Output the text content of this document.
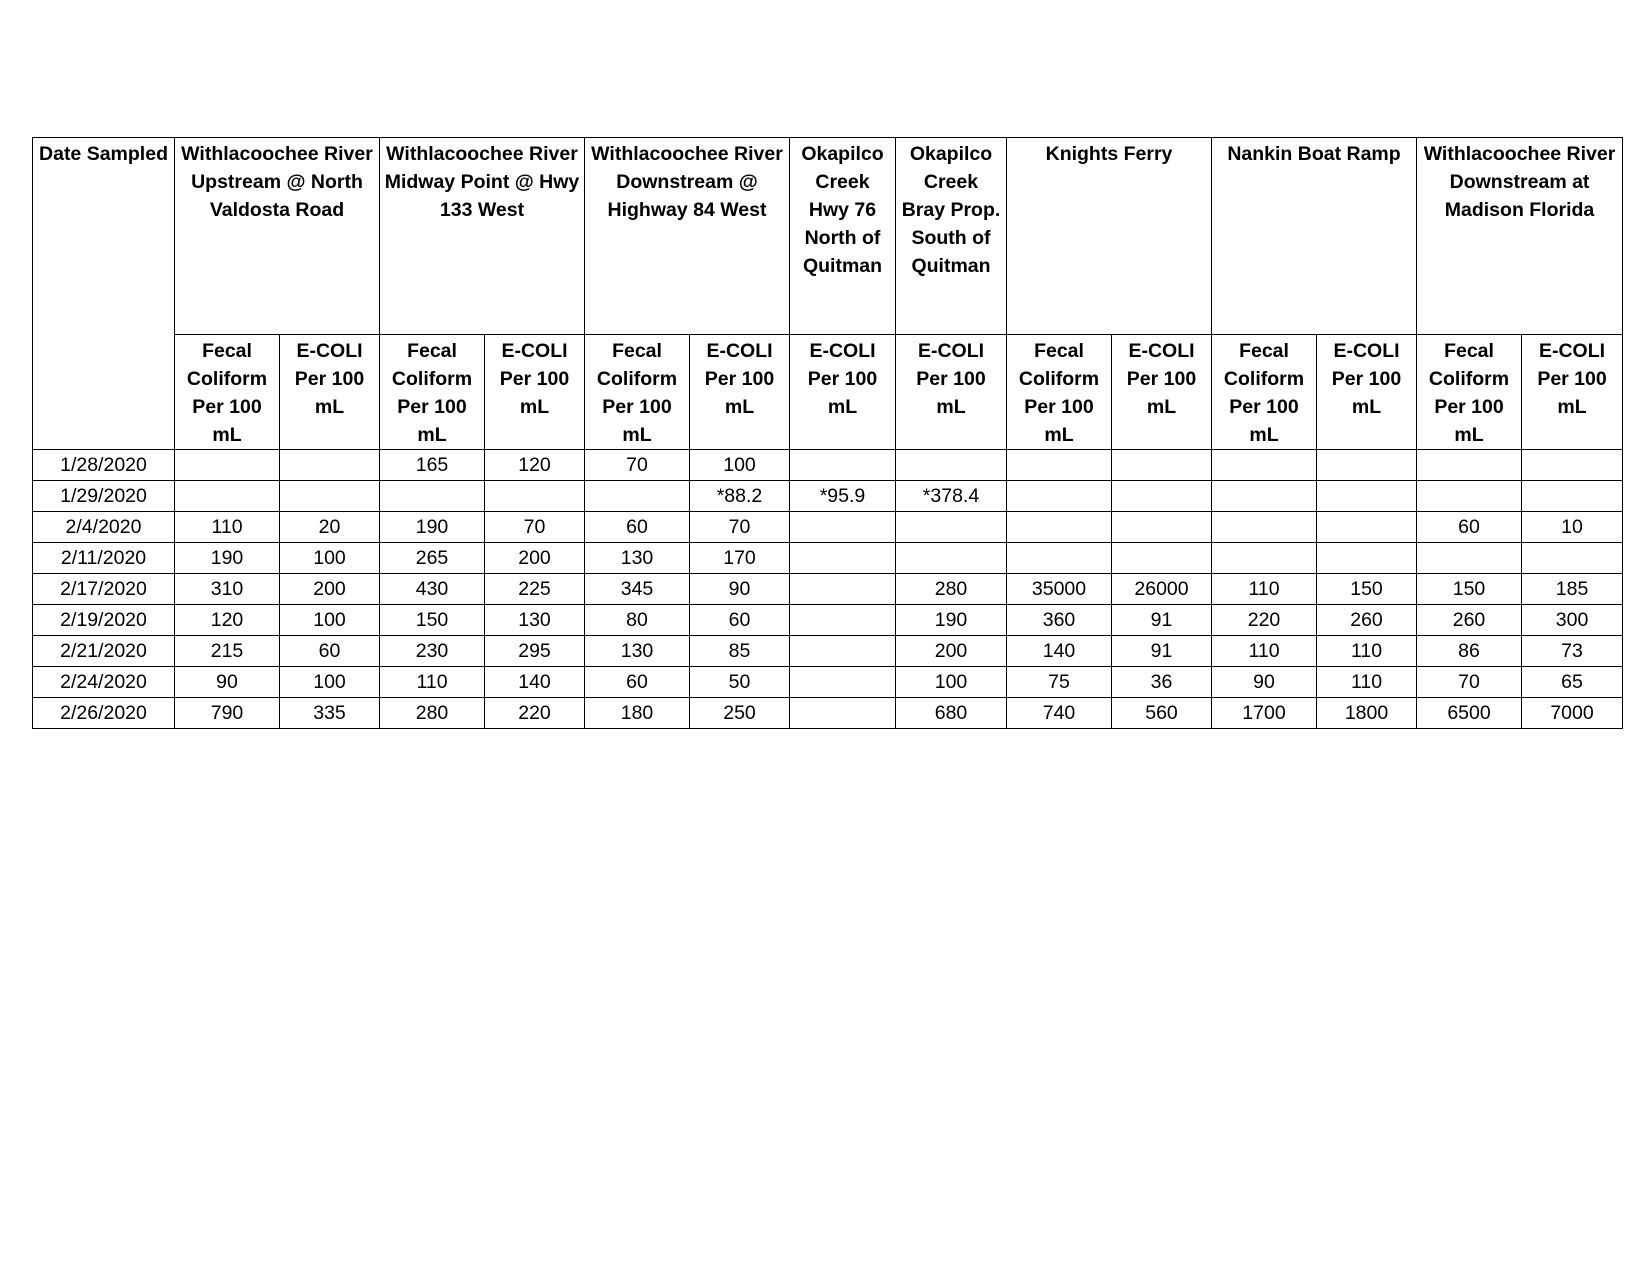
Date Sampled	Withlacoochee River Upstream @ North Valdosta Road		Withlacoochee River Midway Point @ Hwy 133 West		Withlacoochee River Downstream @ Highway 84 West		Okapilco Creek Hwy 76 North of Quitman	Okapilco Creek Bray Prop. South of Quitman	Knights Ferry		Nankin Boat Ramp		Withlacoochee River Downstream at Madison Florida	
	Fecal Coliform Per 100 mL	E-COLI Per 100 mL	Fecal Coliform Per 100 mL	E-COLI Per 100 mL	Fecal Coliform Per 100 mL	E-COLI Per 100 mL	E-COLI Per 100 mL	E-COLI Per 100 mL	Fecal Coliform Per 100 mL	E-COLI Per 100 mL	Fecal Coliform Per 100 mL	E-COLI Per 100 mL	Fecal Coliform Per 100 mL	E-COLI Per 100 mL
1/28/2020			165	120	70	100								
1/29/2020						*88.2	*95.9	*378.4						
2/4/2020	110	20	190	70	60	70							60	10
2/11/2020	190	100	265	200	130	170								
2/17/2020	310	200	430	225	345	90		280	35000	26000	110	150	150	185
2/19/2020	120	100	150	130	80	60		190	360	91	220	260	260	300
2/21/2020	215	60	230	295	130	85		200	140	91	110	110	86	73
2/24/2020	90	100	110	140	60	50		100	75	36	90	110	70	65
2/26/2020	790	335	280	220	180	250		680	740	560	1700	1800	6500	7000
